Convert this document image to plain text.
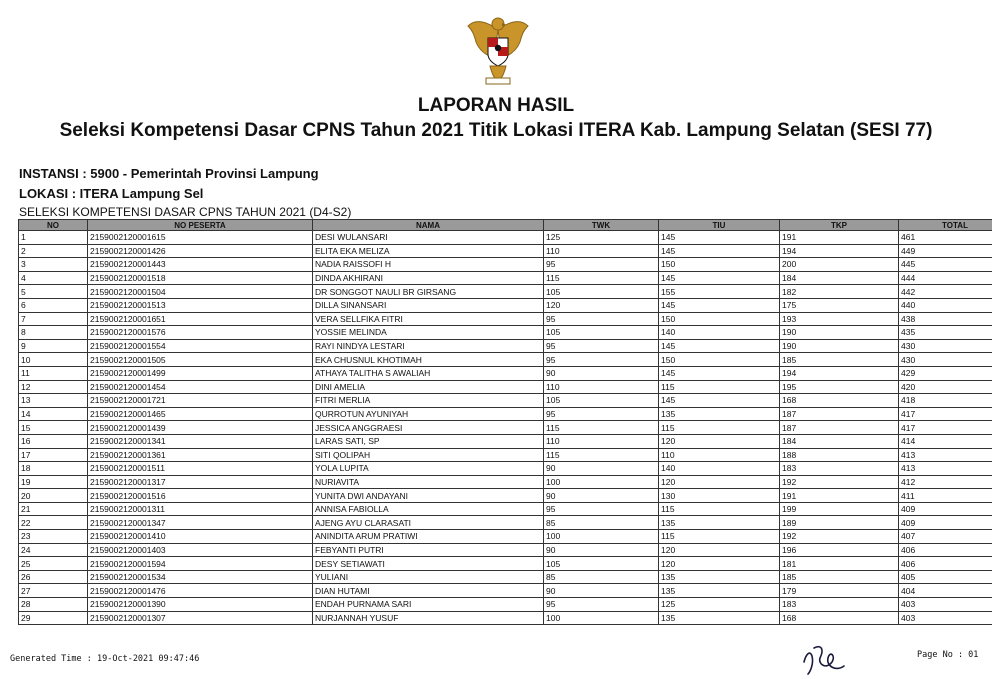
LAPORAN HASIL
Seleksi Kompetensi Dasar CPNS Tahun 2021 Titik Lokasi ITERA Kab. Lampung Selatan (SESI 77)
INSTANSI : 5900 - Pemerintah Provinsi Lampung
LOKASI : ITERA Lampung Sel
SELEKSI KOMPETENSI DASAR CPNS TAHUN 2021 (D4-S2)
NO	NO PESERTA	NAMA	TWK	TIU	TKP	TOTAL
1	2159002120001615	DESI WULANSARI	125	145	191	461
2	2159002120001426	ELITA EKA MELIZA	110	145	194	449
3	2159002120001443	NADIA RAISSOFI H	95	150	200	445
4	2159002120001518	DINDA AKHIRANI	115	145	184	444
5	2159002120001504	DR SONGGOT NAULI BR GIRSANG	105	155	182	442
6	2159002120001513	DILLA SINANSARI	120	145	175	440
7	2159002120001651	VERA SELLFIKA FITRI	95	150	193	438
8	2159002120001576	YOSSIE MELINDA	105	140	190	435
9	2159002120001554	RAYI NINDYA LESTARI	95	145	190	430
10	2159002120001505	EKA CHUSNUL KHOTIMAH	95	150	185	430
11	2159002120001499	ATHAYA TALITHA S AWALIAH	90	145	194	429
12	2159002120001454	DINI AMELIA	110	115	195	420
13	2159002120001721	FITRI MERLIA	105	145	168	418
14	2159002120001465	QURROTUN AYUNIYAH	95	135	187	417
15	2159002120001439	JESSICA ANGGRAESI	115	115	187	417
16	2159002120001341	LARAS SATI, SP	110	120	184	414
17	2159002120001361	SITI QOLIPAH	115	110	188	413
18	2159002120001511	YOLA LUPITA	90	140	183	413
19	2159002120001317	NURIAVITA	100	120	192	412
20	2159002120001516	YUNITA DWI ANDAYANI	90	130	191	411
21	2159002120001311	ANNISA FABIOLLA	95	115	199	409
22	2159002120001347	AJENG AYU CLARASATI	85	135	189	409
23	2159002120001410	ANINDITA ARUM PRATIWI	100	115	192	407
24	2159002120001403	FEBYANTI PUTRI	90	120	196	406
25	2159002120001594	DESY SETIAWATI	105	120	181	406
26	2159002120001534	YULIANI	85	135	185	405
27	2159002120001476	DIAN HUTAMI	90	135	179	404
28	2159002120001390	ENDAH PURNAMA SARI	95	125	183	403
29	2159002120001307	NURJANNAH YUSUF	100	135	168	403
Generated Time : 19-Oct-2021 09:47:46	Page No : 01
